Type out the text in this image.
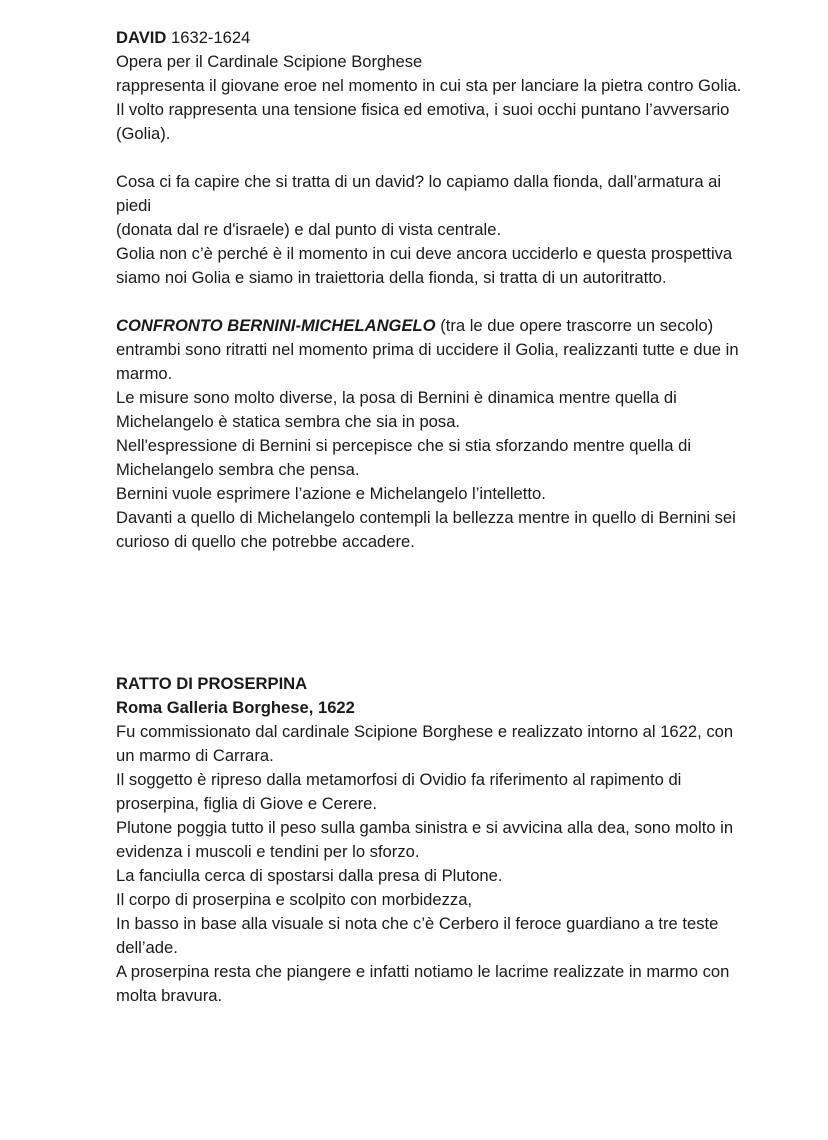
DAVID 1632-1624
Opera per il Cardinale Scipione Borghese
rappresenta il giovane eroe nel momento in cui sta per lanciare la pietra contro Golia.
Il volto rappresenta una tensione fisica ed emotiva, i suoi occhi puntano l’avversario
(Golia).
Cosa ci fa capire che si tratta di un david? lo capiamo dalla fionda, dall’armatura ai
piedi
(donata dal re d'israele) e dal punto di vista centrale.
Golia non c’è perché è il momento in cui deve ancora ucciderlo e questa prospettiva
siamo noi Golia e siamo in traiettoria della fionda, si tratta di un autoritratto.
CONFRONTO BERNINI-MICHELANGELO (tra le due opere trascorre un secolo)
entrambi sono ritratti nel momento prima di uccidere il Golia, realizzanti tutte e due in
marmo.
Le misure sono molto diverse, la posa di Bernini è dinamica mentre quella di
Michelangelo è statica sembra che sia in posa.
Nell'espressione di Bernini si percepisce che si stia sforzando mentre quella di
Michelangelo sembra che pensa.
Bernini vuole esprimere l’azione e Michelangelo l’intelletto.
Davanti a quello di Michelangelo contempli la bellezza mentre in quello di Bernini sei
curioso di quello che potrebbe accadere.
RATTO DI PROSERPINA
Roma Galleria Borghese, 1622
Fu commissionato dal cardinale Scipione Borghese e realizzato intorno al 1622, con
un marmo di Carrara.
Il soggetto è ripreso dalla metamorfosi di Ovidio fa riferimento al rapimento di
proserpina, figlia di Giove e Cerere.
Plutone poggia tutto il peso sulla gamba sinistra e si avvicina alla dea, sono molto in
evidenza i muscoli e tendini per lo sforzo.
La fanciulla cerca di spostarsi dalla presa di Plutone.
Il corpo di proserpina e scolpito con morbidezza,
In basso in base alla visuale si nota che c’è Cerbero il feroce guardiano a tre teste
dell’ade.
A proserpina resta che piangere e infatti notiamo le lacrime realizzate in marmo con
molta bravura.
